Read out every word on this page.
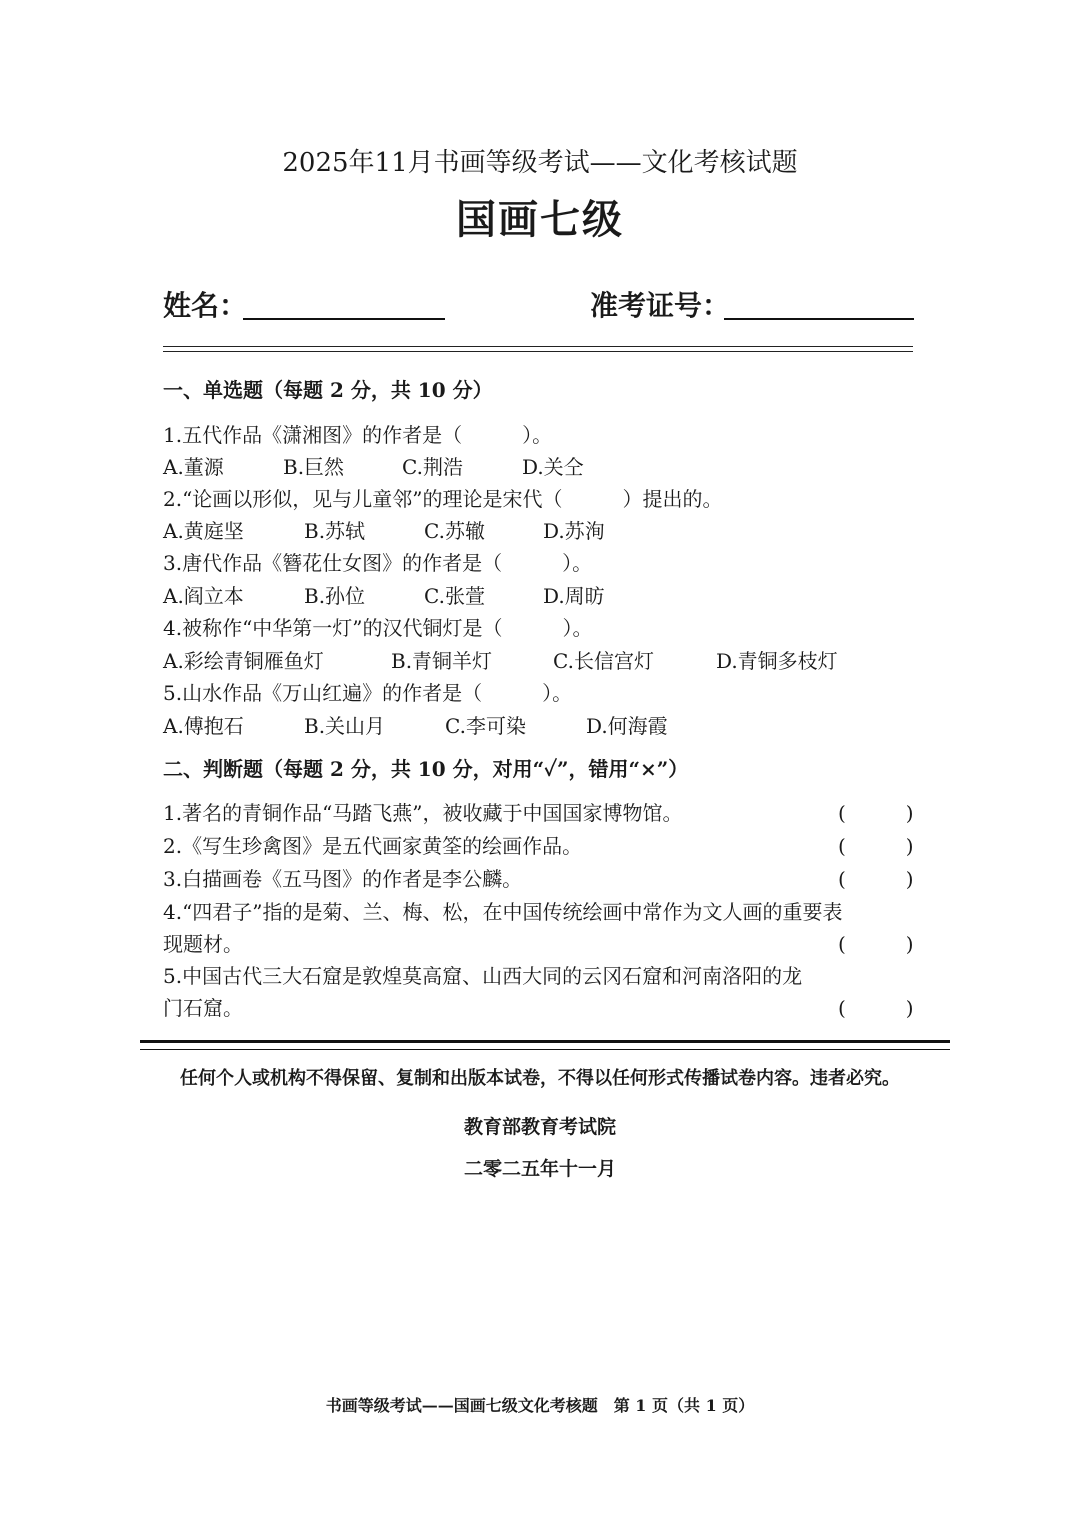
2025年11月书画等级考试——文化考核试题
国画七级
姓名：	准考证号：
一、单选题（每题 2 分，共 10 分）
1.五代作品《潇湘图》的作者是（　　　）。
A.董源	B.巨然	C.荆浩	D.关仝
2.“论画以形似，见与儿童邻”的理论是宋代（　　　）提出的。
A.黄庭坚	B.苏轼	C.苏辙	D.苏洵
3.唐代作品《簪花仕女图》的作者是（　　　）。
A.阎立本	B.孙位	C.张萱	D.周昉
4.被称作“中华第一灯”的汉代铜灯是（　　　）。
A.彩绘青铜雁鱼灯	B.青铜羊灯	C.长信宫灯	D.青铜多枝灯
5.山水作品《万山红遍》的作者是（　　　）。
A.傅抱石	B.关山月	C.李可染	D.何海霞
二、判断题（每题 2 分，共 10 分，对用“✓”，错用“×”）
1.著名的青铜作品“马踏飞燕”，被收藏于中国国家博物馆。	(　　　)
2.《写生珍禽图》是五代画家黄筌的绘画作品。	(　　　)
3.白描画卷《五马图》的作者是李公麟。	(　　　)
4.“四君子”指的是菊、兰、梅、松，在中国传统绘画中常作为文人画的重要表
现题材。	(　　　)
5.中国古代三大石窟是敦煌莫高窟、山西大同的云冈石窟和河南洛阳的龙
门石窟。	(　　　)
任何个人或机构不得保留、复制和出版本试卷，不得以任何形式传播试卷内容。违者必究。
教育部教育考试院
二零二五年十一月
书画等级考试——国画七级文化考核题　第 1 页（共 1 页）
